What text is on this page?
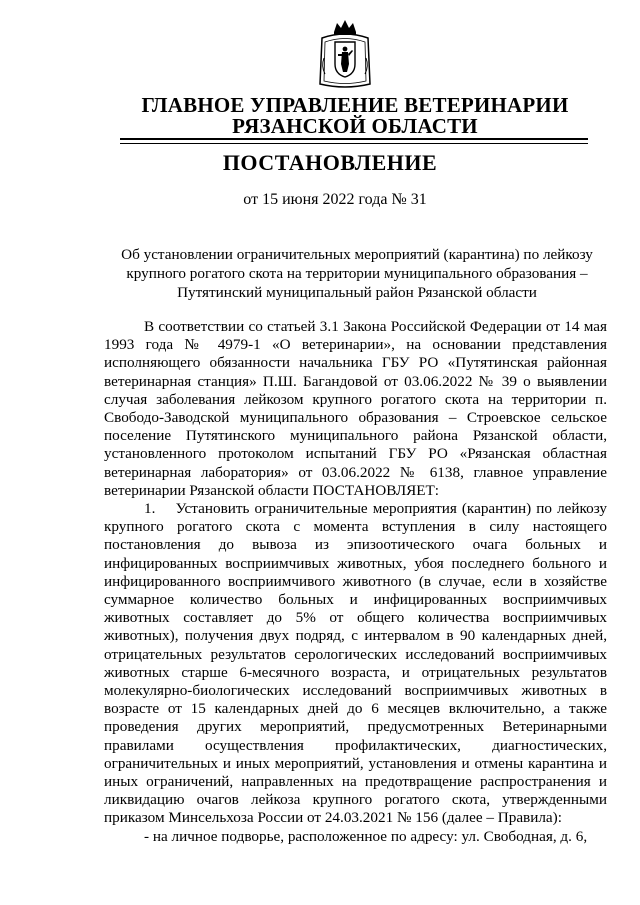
ГЛАВНОЕ УПРАВЛЕНИЕ ВЕТЕРИНАРИИ
РЯЗАНСКОЙ ОБЛАСТИ
ПОСТАНОВЛЕНИЕ
от 15 июня 2022 года № 31
Об установлении ограничительных мероприятий (карантина) по лейкозу крупного рогатого скота на территории муниципального образования – Путятинский муниципальный район Рязанской области

В соответствии со статьей 3.1 Закона Российской Федерации от 14 мая 1993 года № 4979-1 «О ветеринарии», на основании представления исполняющего обязанности начальника ГБУ РО «Путятинская районная ветеринарная станция» П.Ш. Багандовой от 03.06.2022 № 39 о выявлении случая заболевания лейкозом крупного рогатого скота на территории п. Свободо-Заводской муниципального образования – Строевское сельское поселение Путятинского муниципального района Рязанской области, установленного протоколом испытаний ГБУ РО «Рязанская областная ветеринарная лаборатория» от 03.06.2022 № 6138, главное управление ветеринарии Рязанской области ПОСТАНОВЛЯЕТ:

1.    Установить ограничительные мероприятия (карантин) по лейкозу крупного рогатого скота с момента вступления в силу настоящего постановления до вывоза из эпизоотического очага больных и инфицированных восприимчивых животных, убоя последнего больного и инфицированного восприимчивого животного (в случае, если в хозяйстве суммарное количество больных и инфицированных восприимчивых животных составляет до 5% от общего количества восприимчивых животных), получения двух подряд, с интервалом в 90 календарных дней, отрицательных результатов серологических исследований восприимчивых животных старше 6-месячного возраста, и отрицательных результатов молекулярно-биологических исследований восприимчивых животных в возрасте от 15 календарных дней до 6 месяцев включительно, а также проведения других мероприятий, предусмотренных Ветеринарными правилами осуществления профилактических, диагностических, ограничительных и иных мероприятий, установления и отмены карантина и иных ограничений, направленных на предотвращение распространения и ликвидацию очагов лейкоза крупного рогатого скота, утвержденными приказом Минсельхоза России от 24.03.2021 № 156 (далее – Правила):

- на личное подворье, расположенное по адресу: ул. Свободная, д. 6,
